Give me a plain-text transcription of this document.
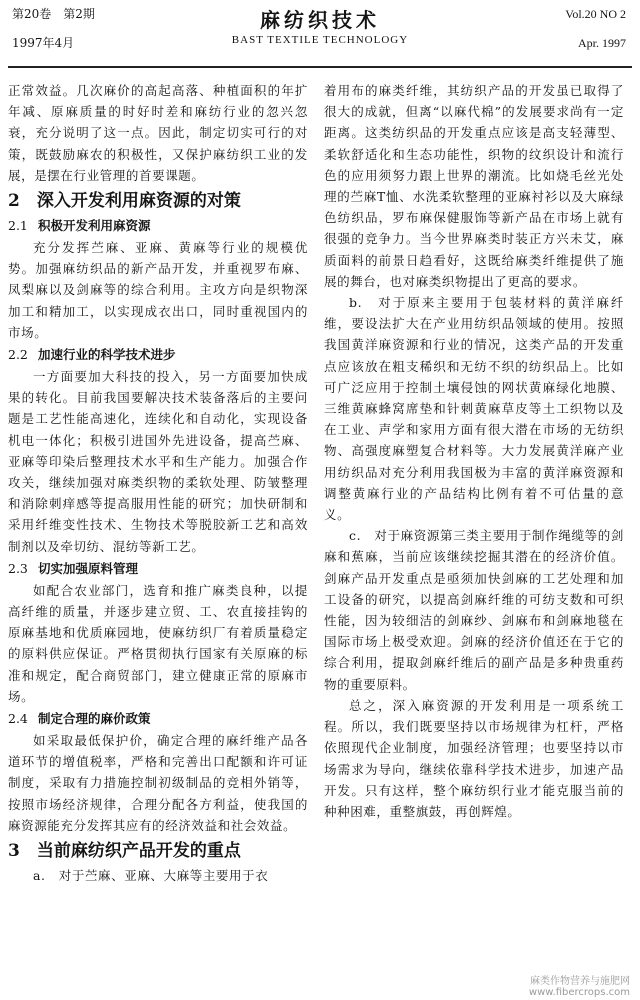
第20卷　第2期
1997年4月
麻纺织技术
BAST TEXTILE TECHNOLOGY
Vol.20 NO 2
Apr. 1997

正常效益。几次麻价的高起高落、种植面积的年扩年减、原麻质量的时好时差和麻纺行业的忽兴忽衰，充分说明了这一点。因此，制定切实可行的对策，既鼓励麻农的积极性，又保护麻纺织工业的发展，是摆在行业管理的首要课题。

2　深入开发利用麻资源的对策
2.1 积极开发利用麻资源

充分发挥苎麻、亚麻、黄麻等行业的规模优势。加强麻纺织品的新产品开发，并重视罗布麻、凤梨麻以及剑麻等的综合利用。主攻方向是织物深加工和精加工，以实现成衣出口，同时重视国内的市场。

2.2 加速行业的科学技术进步

一方面要加大科技的投入，另一方面要加快成果的转化。目前我国要解决技术装备落后的主要问题是工艺性能高速化，连续化和自动化，实现设备机电一体化；积极引进国外先进设备，提高苎麻、亚麻等印染后整理技术水平和生产能力。加强合作攻关，继续加强对麻类织物的柔软处理、防皱整理和消除刺痒感等提高服用性能的研究；加快研制和采用纤维变性技术、生物技术等脱胶新工艺和高效制剂以及牵切纺、混纺等新工艺。

2.3 切实加强原料管理

如配合农业部门，选育和推广麻类良种，以提高纤维的质量，并逐步建立贸、工、农直接挂钩的原麻基地和优质麻园地，使麻纺织厂有着质量稳定的原料供应保证。严格贯彻执行国家有关原麻的标准和规定，配合商贸部门，建立健康正常的原麻市场。

2.4 制定合理的麻价政策

如采取最低保护价，确定合理的麻纤维产品各道环节的增值税率，严格和完善出口配额和许可证制度，采取有力措施控制初级制品的竞相外销等，按照市场经济规律，合理分配各方利益，使我国的麻资源能充分发挥其应有的经济效益和社会效益。

3　当前麻纺织产品开发的重点

a.　对于苎麻、亚麻、大麻等主要用于衣

着用布的麻类纤维，其纺织产品的开发虽已取得了很大的成就，但离“以麻代棉”的发展要求尚有一定距离。这类纺织品的开发重点应该是高支轻薄型、柔软舒适化和生态功能性，织物的纹织设计和流行色的应用须努力跟上世界的潮流。比如烧毛丝光处理的苎麻T恤、水洗柔软整理的亚麻衬衫以及大麻绿色纺织品，罗布麻保健服饰等新产品在市场上就有很强的竞争力。当今世界麻类时装正方兴未艾，麻质面料的前景日趋看好，这既给麻类纤维提供了施展的舞台，也对麻类织物提出了更高的要求。

b.　对于原来主要用于包装材料的黄洋麻纤维，要设法扩大在产业用纺织品领域的使用。按照我国黄洋麻资源和行业的情况，这类产品的开发重点应该放在粗支稀织和无纺不织的纺织品上。比如可广泛应用于控制土壤侵蚀的网状黄麻绿化地膜、三维黄麻蜂窝席垫和针刺黄麻草皮等土工织物以及在工业、声学和家用方面有很大潜在市场的无纺织物、高强度麻塑复合材料等。大力发展黄洋麻产业用纺织品对充分利用我国极为丰富的黄洋麻资源和调整黄麻行业的产品结构比例有着不可估量的意义。

c.　对于麻资源第三类主要用于制作绳缆等的剑麻和蕉麻，当前应该继续挖掘其潜在的经济价值。剑麻产品开发重点是亟须加快剑麻的工艺处理和加工设备的研究，以提高剑麻纤维的可纺支数和可织性能，因为较细洁的剑麻纱、剑麻布和剑麻地毯在国际市场上极受欢迎。剑麻的经济价值还在于它的综合利用，提取剑麻纤维后的副产品是多种贵重药物的重要原料。

总之，深入麻资源的开发利用是一项系统工程。所以，我们既要坚持以市场规律为杠杆，严格依照现代企业制度，加强经济管理；也要坚持以市场需求为导向，继续依靠科学技术进步，加速产品开发。只有这样，整个麻纺织行业才能克服当前的种种困难，重整旗鼓，再创辉煌。

麻类作物营养与施肥网
www.fibercrops.com
